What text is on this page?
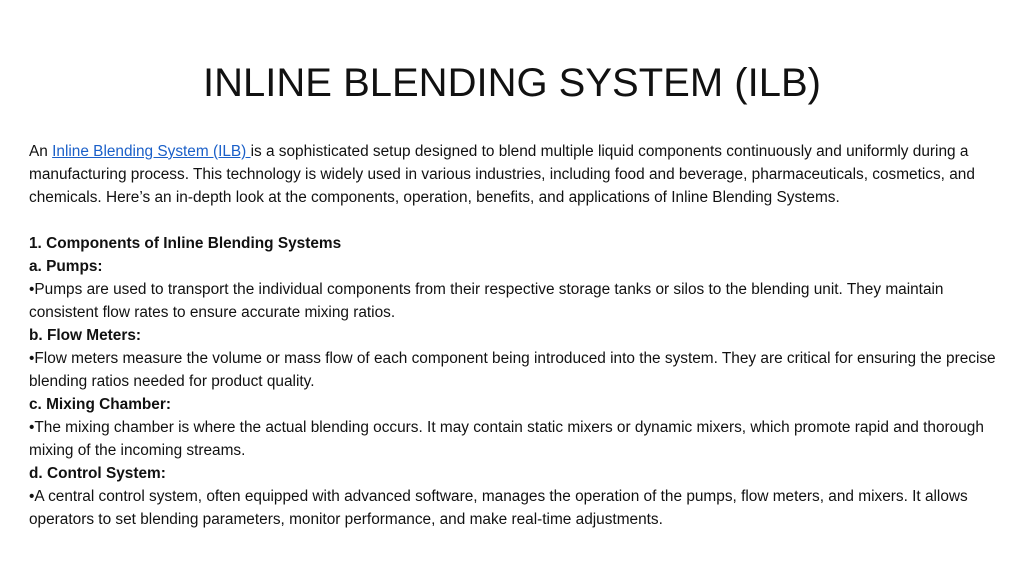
INLINE BLENDING SYSTEM (ILB)

An Inline Blending System (ILB) is a sophisticated setup designed to blend multiple liquid components continuously and uniformly during a manufacturing process. This technology is widely used in various industries, including food and beverage, pharmaceuticals, cosmetics, and chemicals. Here’s an in-depth look at the components, operation, benefits, and applications of Inline Blending Systems.

1. Components of Inline Blending Systems

a. Pumps:

•Pumps are used to transport the individual components from their respective storage tanks or silos to the blending unit. They maintain consistent flow rates to ensure accurate mixing ratios.

b. Flow Meters:

•Flow meters measure the volume or mass flow of each component being introduced into the system. They are critical for ensuring the precise blending ratios needed for product quality.

c. Mixing Chamber:

•The mixing chamber is where the actual blending occurs. It may contain static mixers or dynamic mixers, which promote rapid and thorough mixing of the incoming streams.

d. Control System:

•A central control system, often equipped with advanced software, manages the operation of the pumps, flow meters, and mixers. It allows operators to set blending parameters, monitor performance, and make real-time adjustments.
